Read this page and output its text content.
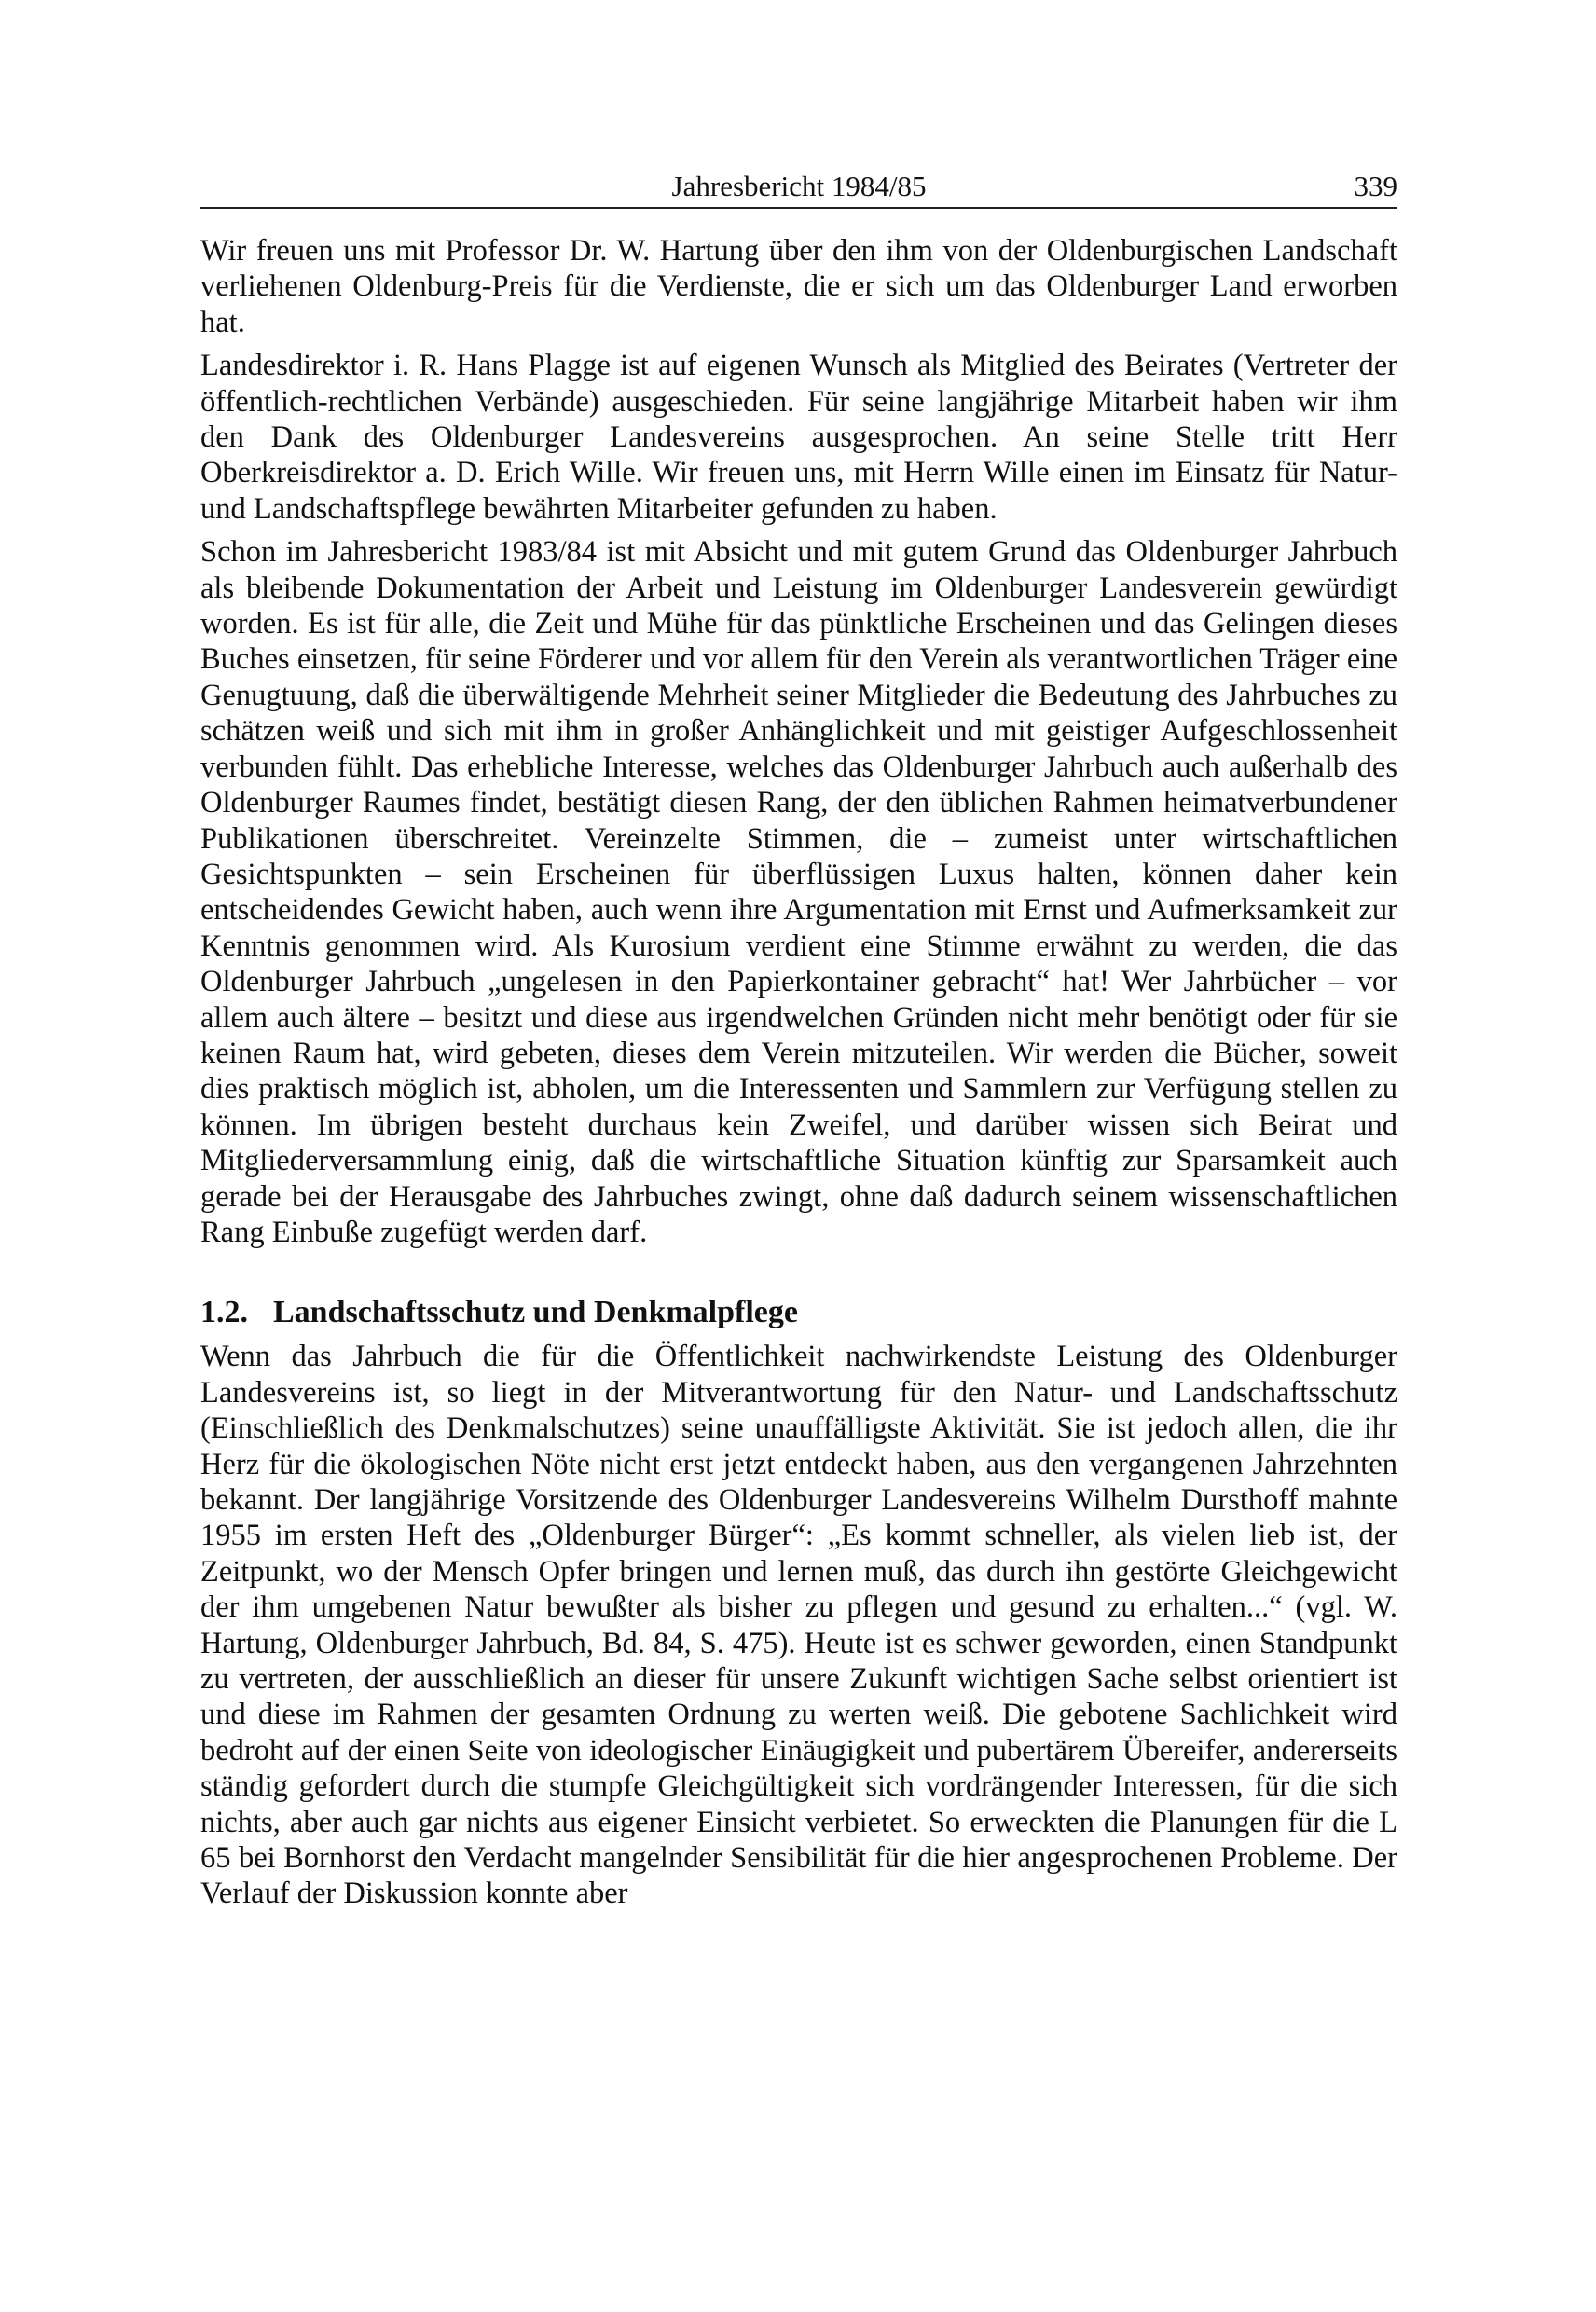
Jahresbericht 1984/85	339

Wir freuen uns mit Professor Dr. W. Hartung über den ihm von der Oldenburgischen Landschaft verliehenen Oldenburg-Preis für die Verdienste, die er sich um das Oldenburger Land erworben hat.

Landesdirektor i. R. Hans Plagge ist auf eigenen Wunsch als Mitglied des Beirates (Vertreter der öffentlich-rechtlichen Verbände) ausgeschieden. Für seine langjährige Mitarbeit haben wir ihm den Dank des Oldenburger Landesvereins ausgesprochen. An seine Stelle tritt Herr Oberkreisdirektor a. D. Erich Wille. Wir freuen uns, mit Herrn Wille einen im Einsatz für Natur- und Landschaftspflege bewährten Mitarbeiter gefunden zu haben.

Schon im Jahresbericht 1983/84 ist mit Absicht und mit gutem Grund das Oldenburger Jahrbuch als bleibende Dokumentation der Arbeit und Leistung im Oldenburger Landesverein gewürdigt worden. Es ist für alle, die Zeit und Mühe für das pünktliche Erscheinen und das Gelingen dieses Buches einsetzen, für seine Förderer und vor allem für den Verein als verantwortlichen Träger eine Genugtuung, daß die überwältigende Mehrheit seiner Mitglieder die Bedeutung des Jahrbuches zu schätzen weiß und sich mit ihm in großer Anhänglichkeit und mit geistiger Aufgeschlossenheit verbunden fühlt. Das erhebliche Interesse, welches das Oldenburger Jahrbuch auch außerhalb des Oldenburger Raumes findet, bestätigt diesen Rang, der den üblichen Rahmen heimatverbundener Publikationen überschreitet. Vereinzelte Stimmen, die – zumeist unter wirtschaftlichen Gesichtspunkten – sein Erscheinen für überflüssigen Luxus halten, können daher kein entscheidendes Gewicht haben, auch wenn ihre Argumentation mit Ernst und Aufmerksamkeit zur Kenntnis genommen wird. Als Kurosium verdient eine Stimme erwähnt zu werden, die das Oldenburger Jahrbuch „ungelesen in den Papierkontainer gebracht“ hat! Wer Jahrbücher – vor allem auch ältere – besitzt und diese aus irgendwelchen Gründen nicht mehr benötigt oder für sie keinen Raum hat, wird gebeten, dieses dem Verein mitzuteilen. Wir werden die Bücher, soweit dies praktisch möglich ist, abholen, um die Interessenten und Sammlern zur Verfügung stellen zu können. Im übrigen besteht durchaus kein Zweifel, und darüber wissen sich Beirat und Mitgliederversammlung einig, daß die wirtschaftliche Situation künftig zur Sparsamkeit auch gerade bei der Herausgabe des Jahrbuches zwingt, ohne daß dadurch seinem wissenschaftlichen Rang Einbuße zugefügt werden darf.

1.2. Landschaftsschutz und Denkmalpflege

Wenn das Jahrbuch die für die Öffentlichkeit nachwirkendste Leistung des Oldenburger Landesvereins ist, so liegt in der Mitverantwortung für den Natur- und Landschaftsschutz (Einschließlich des Denkmalschutzes) seine unauffälligste Aktivität. Sie ist jedoch allen, die ihr Herz für die ökologischen Nöte nicht erst jetzt entdeckt haben, aus den vergangenen Jahrzehnten bekannt. Der langjährige Vorsitzende des Oldenburger Landesvereins Wilhelm Dursthoff mahnte 1955 im ersten Heft des „Oldenburger Bürger“: „Es kommt schneller, als vielen lieb ist, der Zeitpunkt, wo der Mensch Opfer bringen und lernen muß, das durch ihn gestörte Gleichgewicht der ihm umgebenen Natur bewußter als bisher zu pflegen und gesund zu erhalten...“ (vgl. W. Hartung, Oldenburger Jahrbuch, Bd. 84, S. 475). Heute ist es schwer geworden, einen Standpunkt zu vertreten, der ausschließlich an dieser für unsere Zukunft wichtigen Sache selbst orientiert ist und diese im Rahmen der gesamten Ordnung zu werten weiß. Die gebotene Sachlichkeit wird bedroht auf der einen Seite von ideologischer Einäugigkeit und pubertärem Übereifer, andererseits ständig gefordert durch die stumpfe Gleichgültigkeit sich vordrängender Interessen, für die sich nichts, aber auch gar nichts aus eigener Einsicht verbietet. So erweckten die Planungen für die L 65 bei Bornhorst den Verdacht mangelnder Sensibilität für die hier angesprochenen Probleme. Der Verlauf der Diskussion konnte aber
